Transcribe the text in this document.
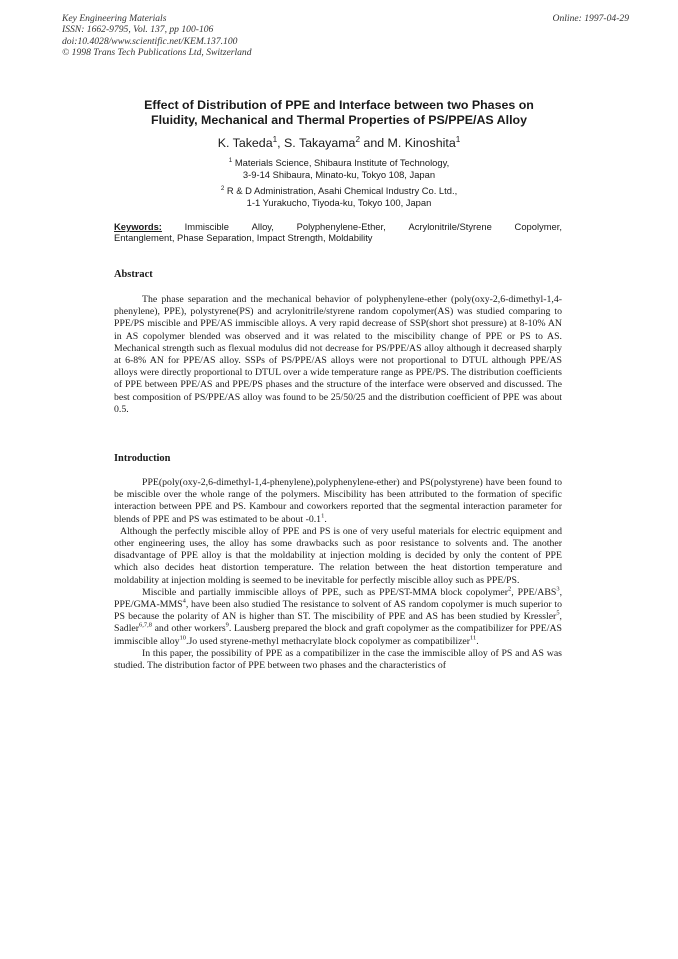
Key Engineering Materials
ISSN: 1662-9795, Vol. 137, pp 100-106
doi:10.4028/www.scientific.net/KEM.137.100
© 1998 Trans Tech Publications Ltd, Switzerland
Online: 1997-04-29
Effect of Distribution of PPE and Interface between two Phases on
Fluidity, Mechanical and Thermal Properties of PS/PPE/AS Alloy
K. Takeda$^1$, S. Takayama$^2$ and M. Kinoshita$^1$
$^1$ Materials Science, Shibaura Institute of Technology,
3-9-14 Shibaura, Minato-ku, Tokyo 108, Japan
$^2$ R & D Administration, Asahi Chemical Industry Co. Ltd.,
1-1 Yurakucho, Tiyoda-ku, Tokyo 100, Japan
Keywords: Immiscible Alloy, Polyphenylene-Ether, Acrylonitrile/Styrene Copolymer,
Entanglement, Phase Separation, Impact Strength, Moldability
Abstract

The phase separation and the mechanical behavior of polyphenylene-ether (poly(oxy-2,6-dimethyl-1,4-phenylene), PPE), polystyrene(PS) and acrylonitrile/styrene random copolymer(AS) was studied comparing to PPE/PS miscible and PPE/AS immiscible alloys. A very rapid decrease of SSP(short shot pressure) at 8-10% AN in AS copolymer blended was observed and it was related to the miscibility change of PPE or PS to AS. Mechanical strength such as flexual modulus did not decrease for PS/PPE/AS alloy although it decreased sharply at 6-8% AN for PPE/AS alloy. SSPs of PS/PPE/AS alloys were not proportional to DTUL although PPE/AS alloys were directly proportional to DTUL over a wide temperature range as PPE/PS. The distribution coefficients of PPE between PPE/AS and PPE/PS phases and the structure of the interface were observed and discussed. The best composition of PS/PPE/AS alloy was found to be 25/50/25 and the distribution coefficient of PPE was about 0.5.

Introduction

PPE(poly(oxy-2,6-dimethyl-1,4-phenylene),polyphenylene-ether) and PS(polystyrene) have been found to be miscible over the whole range of the polymers. Miscibility has been attributed to the formation of specific interaction between PPE and PS. Kambour and coworkers reported that the segmental interaction parameter for blends of PPE and PS was estimated to be about $-0.1^1$.

Although the perfectly miscible alloy of PPE and PS is one of very useful materials for electric equipment and other engineering uses, the alloy has some drawbacks such as poor resistance to solvents and. The another disadvantage of PPE alloy is that the moldability at injection molding is decided by only the content of PPE which also decides heat distortion temperature. The relation between the heat distortion temperature and moldability at injection molding is seemed to be inevitable for perfectly miscible alloy such as PPE/PS.

Miscible and partially immiscible alloys of PPE, such as PPE/ST-MMA block copolymer$^2$, PPE/ABS$^3$, PPE/GMA-MMS$^4$, have been also studied The resistance to solvent of AS random copolymer is much superior to PS because the polarity of AN is higher than ST. The miscibility of PPE and AS has been studied by Kressler$^5$, Sadler$^{6,7,8}$ and other workers$^9$. Lausberg prepared the block and graft copolymer as the compatibilizer for PPE/AS immiscible alloy$^{10}$.Jo used styrene-methyl methacrylate block copolymer as compatibilizer$^{11}$.

In this paper, the possibility of PPE as a compatibilizer in the case the immiscible alloy of PS and AS was studied. The distribution factor of PPE between two phases and the characteristics of
